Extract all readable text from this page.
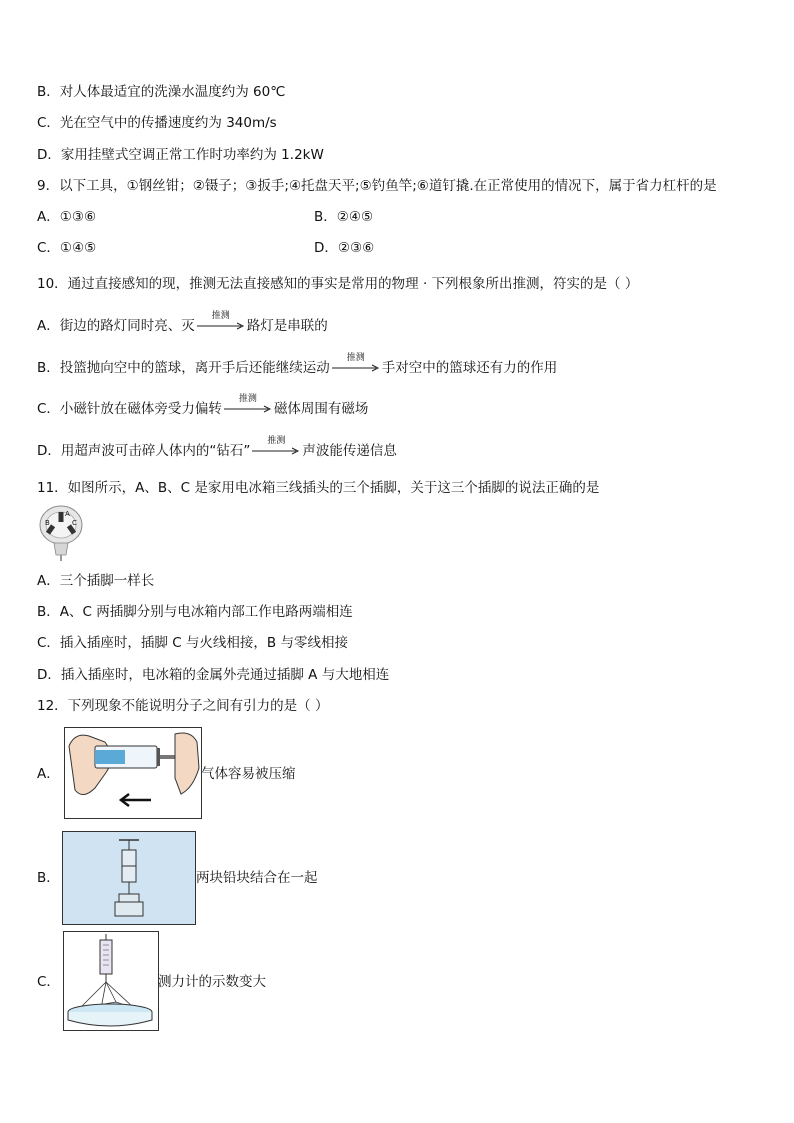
B．对人体最适宜的洗澡水温度约为 60℃
C．光在空气中的传播速度约为 340m/s
D．家用挂壁式空调正常工作时功率约为 1.2kW
9．以下工具，①钢丝钳；②镊子；③扳手;④托盘天平;⑤钓鱼竿;⑥道钉撬.在正常使用的情况下，属于省力杠杆的是
A．①③⑥	B．②④⑤
C．①④⑤	D．②③⑥
10．通过直接感知的现，推测无法直接感知的事实是常用的物理 · 下列根象所出推测，符实的是（ ）
A．街边的路灯同时亮、灭
推测
路灯是串联的
B．投篮抛向空中的篮球，离开手后还能继续运动
推测
手对空中的篮球还有力的作用
C．小磁针放在磁体旁受力偏转
推测
磁体周围有磁场
D．用超声波可击碎人体内的“钻石”
推测
声波能传递信息
11．如图所示，A、B、C 是家用电冰箱三线插头的三个插脚，关于这三个插脚的说法正确的是
A
B	C
A．三个插脚一样长
B．A、C 两插脚分别与电冰箱内部工作电路两端相连
C．插入插座时，插脚 C 与火线相接，B 与零线相接
D．插入插座时，电冰箱的金属外壳通过插脚 A 与大地相连
12．下列现象不能说明分子之间有引力的是（ ）
A．	气体容易被压缩
B．	两块铅块结合在一起
C．	测力计的示数变大
